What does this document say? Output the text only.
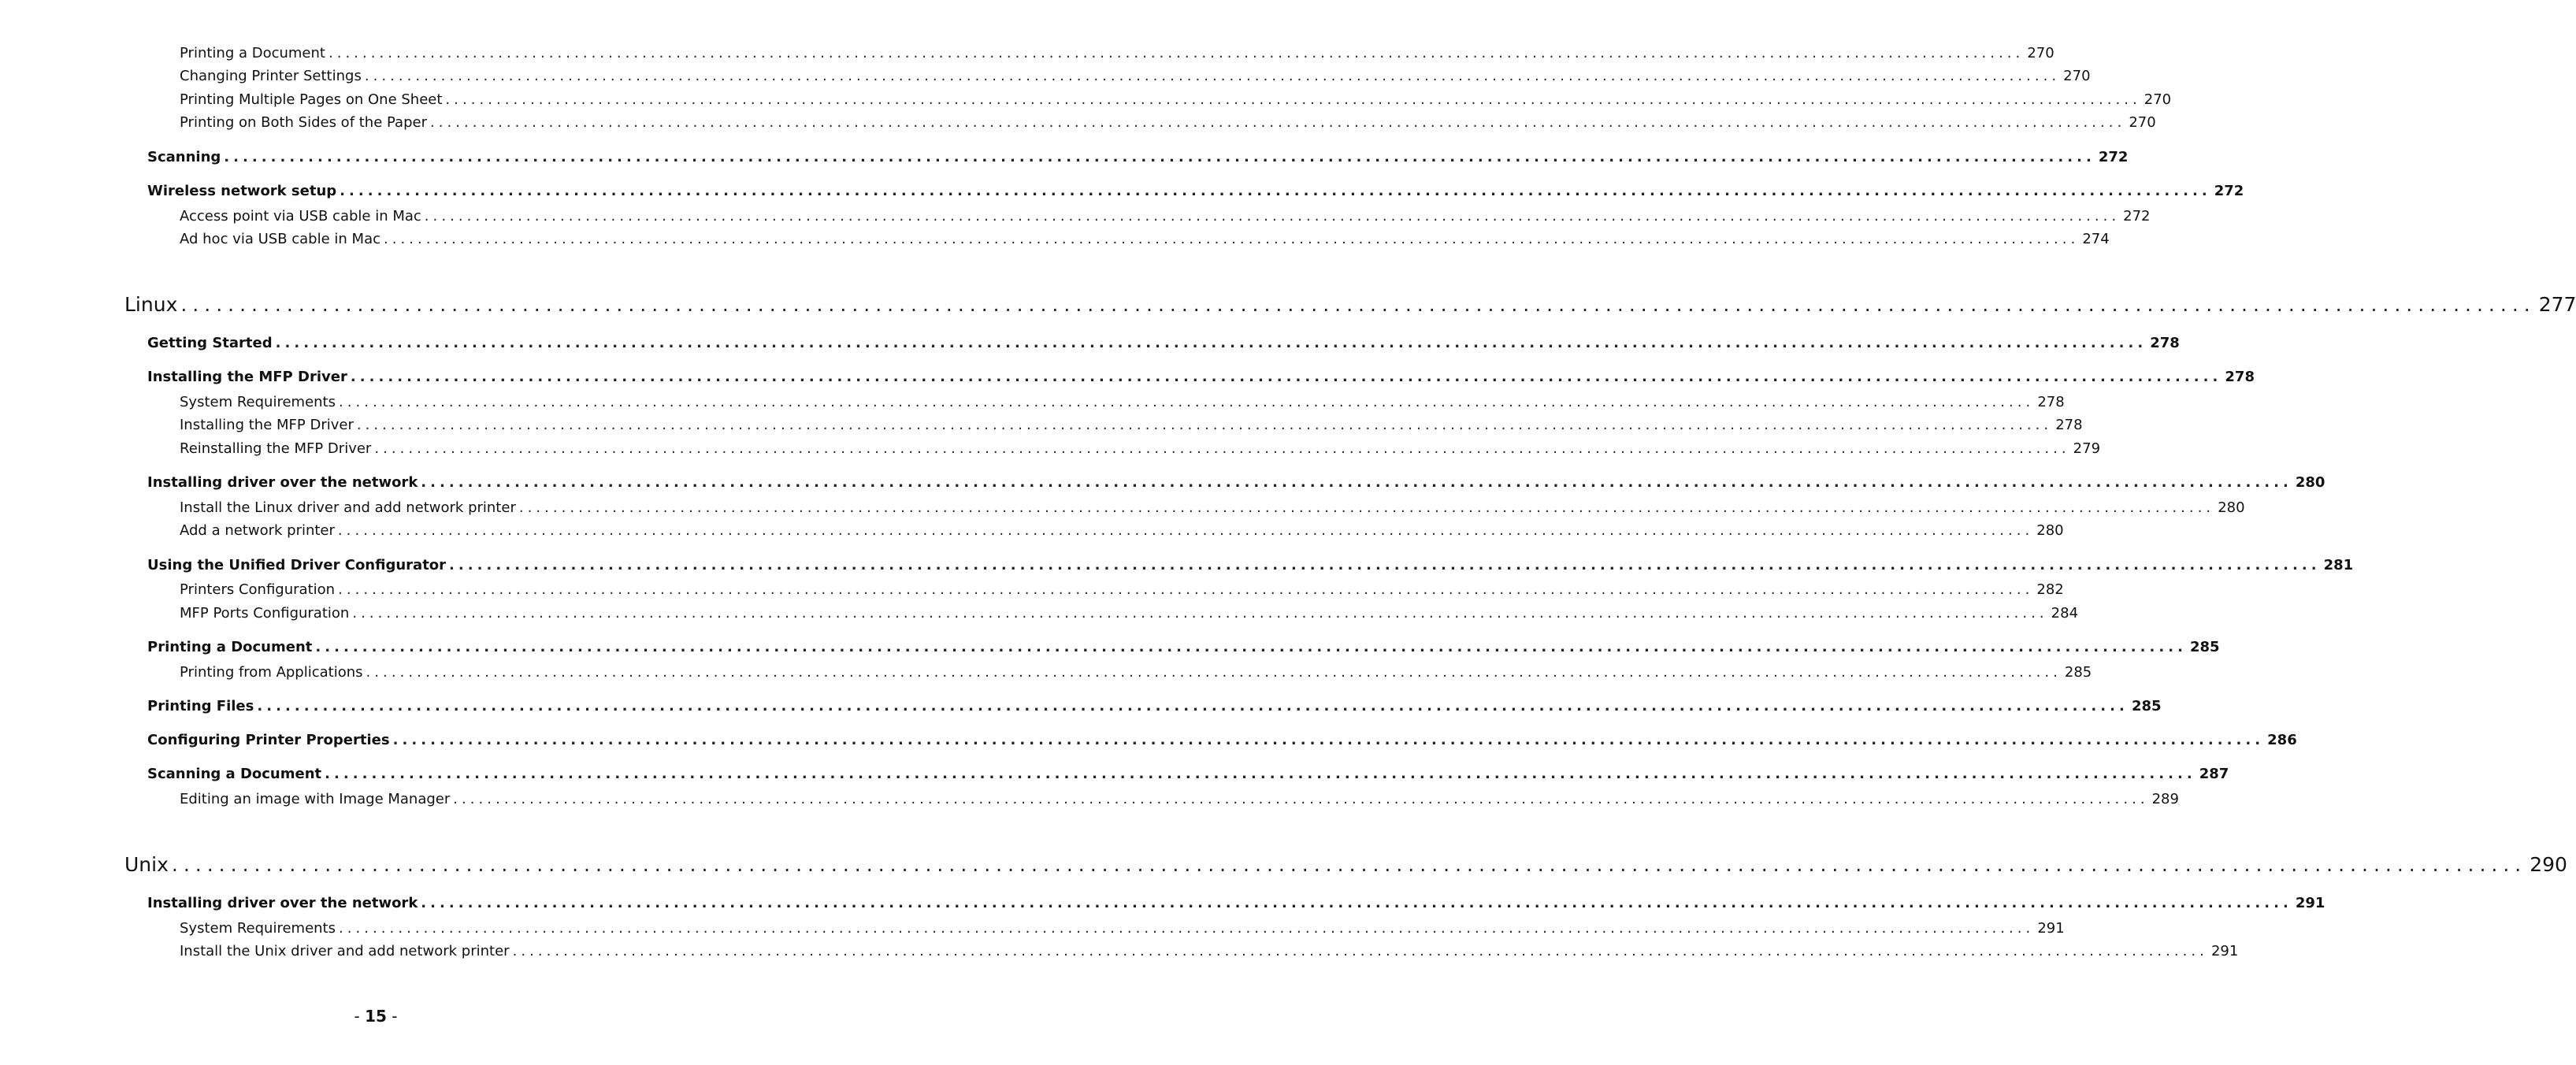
Printing a Document ........................................................................................................................................................................................................ 270
Changing Printer Settings ........................................................................................................................................................................................................ 270
Printing Multiple Pages on One Sheet ........................................................................................................................................................................................................ 270
Printing on Both Sides of the Paper ........................................................................................................................................................................................................ 270
Scanning ........................................................................................................................................................................................................ 272
Wireless network setup ........................................................................................................................................................................................................ 272
Access point via USB cable in Mac ........................................................................................................................................................................................................ 272
Ad hoc via USB cable in Mac ........................................................................................................................................................................................................ 274
Linux ........................................................................................................................................................................................................ 277
Getting Started ........................................................................................................................................................................................................ 278
Installing the MFP Driver ........................................................................................................................................................................................................ 278
System Requirements ........................................................................................................................................................................................................ 278
Installing the MFP Driver ........................................................................................................................................................................................................ 278
Reinstalling the MFP Driver ........................................................................................................................................................................................................ 279
Installing driver over the network ........................................................................................................................................................................................................ 280
Install the Linux driver and add network printer ........................................................................................................................................................................................................ 280
Add a network printer ........................................................................................................................................................................................................ 280
Using the Unified Driver Configurator ........................................................................................................................................................................................................ 281
Printers Configuration ........................................................................................................................................................................................................ 282
MFP Ports Configuration ........................................................................................................................................................................................................ 284
Printing a Document ........................................................................................................................................................................................................ 285
Printing from Applications ........................................................................................................................................................................................................ 285
Printing Files ........................................................................................................................................................................................................ 285
Configuring Printer Properties ........................................................................................................................................................................................................ 286
Scanning a Document ........................................................................................................................................................................................................ 287
Editing an image with Image Manager ........................................................................................................................................................................................................ 289
Unix ........................................................................................................................................................................................................ 290
Installing driver over the network ........................................................................................................................................................................................................ 291
System Requirements ........................................................................................................................................................................................................ 291
Install the Unix driver and add network printer ........................................................................................................................................................................................................ 291
- 15 -
